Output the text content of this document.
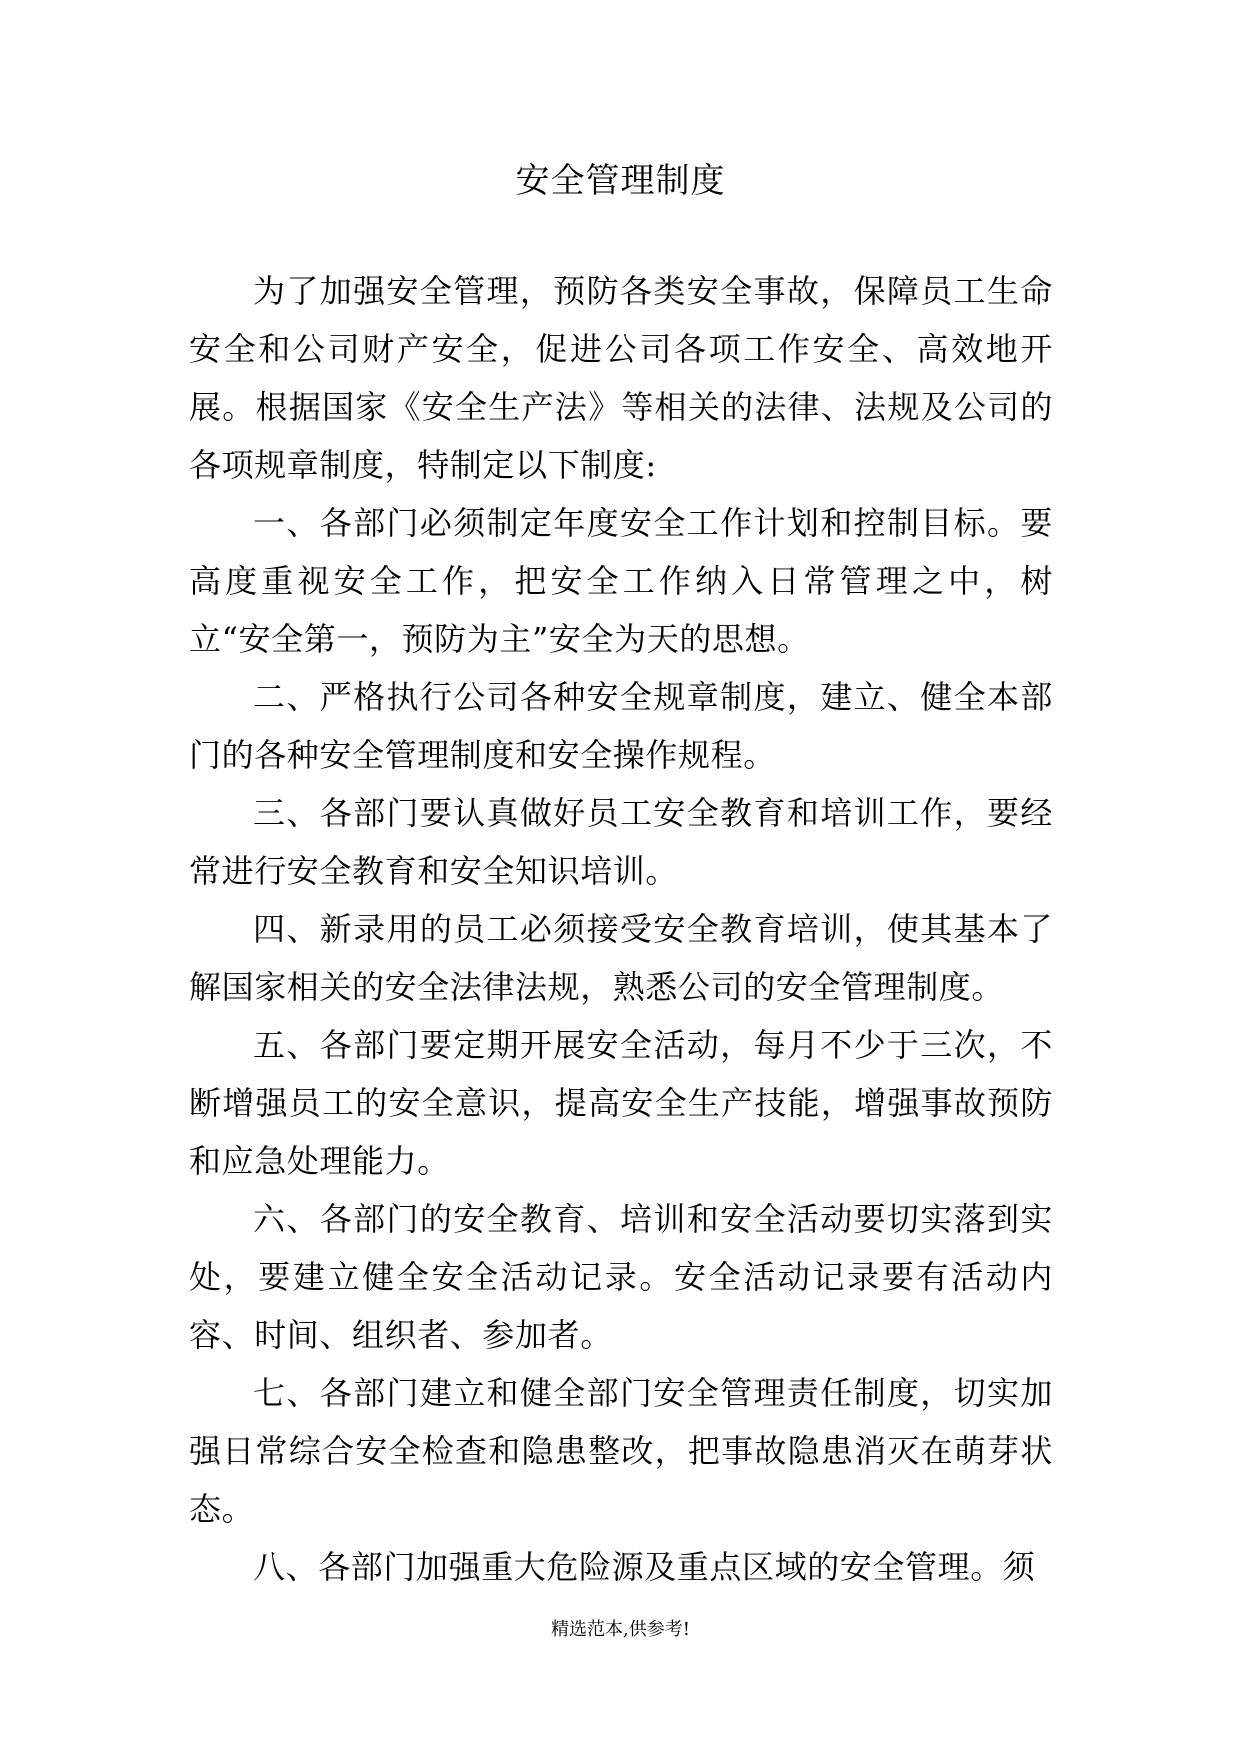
安全管理制度

为了加强安全管理，预防各类安全事故，保障员工生命安全和公司财产安全，促进公司各项工作安全、高效地开展。根据国家《安全生产法》等相关的法律、法规及公司的各项规章制度，特制定以下制度:

一、各部门必须制定年度安全工作计划和控制目标。要高度重视安全工作，把安全工作纳入日常管理之中，树立“安全第一，预防为主”安全为天的思想。

二、严格执行公司各种安全规章制度，建立、健全本部门的各种安全管理制度和安全操作规程。

三、各部门要认真做好员工安全教育和培训工作，要经常进行安全教育和安全知识培训。

四、新录用的员工必须接受安全教育培训，使其基本了解国家相关的安全法律法规，熟悉公司的安全管理制度。

五、各部门要定期开展安全活动，每月不少于三次，不断增强员工的安全意识，提高安全生产技能，增强事故预防和应急处理能力。

六、各部门的安全教育、培训和安全活动要切实落到实处，要建立健全安全活动记录。安全活动记录要有活动内容、时间、组织者、参加者。

七、各部门建立和健全部门安全管理责任制度，切实加强日常综合安全检查和隐患整改，把事故隐患消灭在萌芽状态。

八、各部门加强重大危险源及重点区域的安全管理。须

精选范本,供参考!
